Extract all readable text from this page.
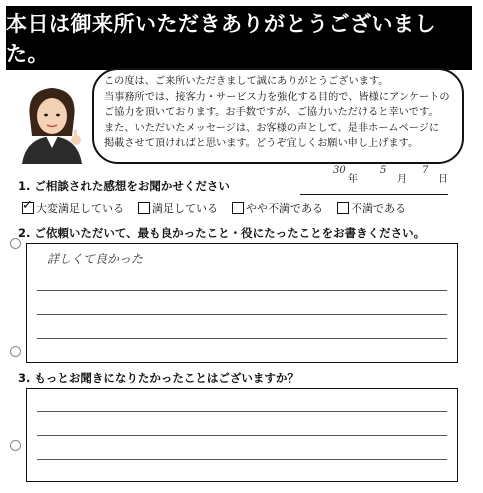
本日は御来所いただきありがとうございました。
この度は、ご来所いただきまして誠にありがとうございます。
当事務所では、接客力・サービス力を強化する目的で、皆様にアンケートの
ご協力を頂いております。お手数ですが、ご協力いただけると幸いです。
また、いただいたメッセージは、お客様の声として、是非ホームページに
掲載させて頂ければと思います。どうぞ宜しくお願い申し上げます。
1. ご相談された感想をお聞かせください
30
年
5
月
7
日
✓ 大変満足している	満足している	やや不満である	不満である
2. ご依頼いただいて、最も良かったこと・役にたったことをお書きください。
詳しくて良かった
3. もっとお聞きになりたかったことはございますか？
